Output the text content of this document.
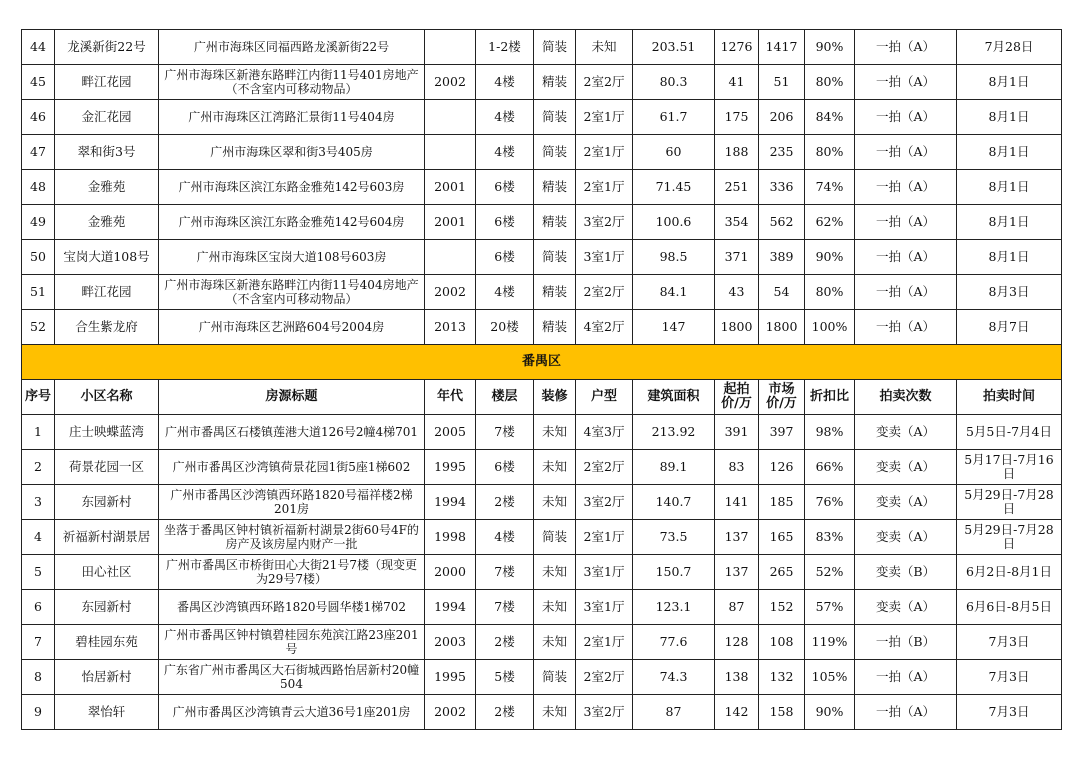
44	龙溪新街22号	广州市海珠区同福西路龙溪新街22号		1-2楼	简装	未知	203.51	1276	1417	90%	一拍（A）	7月28日
45	畔江花园	广州市海珠区新港东路畔江内街11号401房地产（不含室内可移动物品）	2002	4楼	精装	2室2厅	80.3	41	51	80%	一拍（A）	8月1日
46	金汇花园	广州市海珠区江湾路汇景街11号404房		4楼	简装	2室1厅	61.7	175	206	84%	一拍（A）	8月1日
47	翠和街3号	广州市海珠区翠和街3号405房		4楼	简装	2室1厅	60	188	235	80%	一拍（A）	8月1日
48	金雅苑	广州市海珠区滨江东路金雅苑142号603房	2001	6楼	精装	2室1厅	71.45	251	336	74%	一拍（A）	8月1日
49	金雅苑	广州市海珠区滨江东路金雅苑142号604房	2001	6楼	精装	3室2厅	100.6	354	562	62%	一拍（A）	8月1日
50	宝岗大道108号	广州市海珠区宝岗大道108号603房		6楼	简装	3室1厅	98.5	371	389	90%	一拍（A）	8月1日
51	畔江花园	广州市海珠区新港东路畔江内街11号404房地产（不含室内可移动物品）	2002	4楼	精装	2室2厅	84.1	43	54	80%	一拍（A）	8月3日
52	合生紫龙府	广州市海珠区艺洲路604号2004房	2013	20楼	精装	4室2厅	147	1800	1800	100%	一拍（A）	8月7日
番禺区												
序号	小区名称	房源标题	年代	楼层	装修	户型	建筑面积	起拍价/万	市场价/万	折扣比	拍卖次数	拍卖时间
1	庄士映蝶蓝湾	广州市番禺区石楼镇莲港大道126号2幢4梯701	2005	7楼	未知	4室3厅	213.92	391	397	98%	变卖（A）	5月5日-7月4日
2	荷景花园一区	广州市番禺区沙湾镇荷景花园1街5座1梯602	1995	6楼	未知	2室2厅	89.1	83	126	66%	变卖（A）	5月17日-7月16日
3	东园新村	广州市番禺区沙湾镇西环路1820号福祥楼2梯201房	1994	2楼	未知	3室2厅	140.7	141	185	76%	变卖（A）	5月29日-7月28日
4	祈福新村湖景居	坐落于番禺区钟村镇祈福新村湖景2街60号4F的房产及该房屋内财产一批	1998	4楼	简装	2室1厅	73.5	137	165	83%	变卖（A）	5月29日-7月28日
5	田心社区	广州市番禺区市桥街田心大街21号7楼（现变更为29号7楼）	2000	7楼	未知	3室1厅	150.7	137	265	52%	变卖（B）	6月2日-8月1日
6	东园新村	番禺区沙湾镇西环路1820号圆华楼1梯702	1994	7楼	未知	3室1厅	123.1	87	152	57%	变卖（A）	6月6日-8月5日
7	碧桂园东苑	广州市番禺区钟村镇碧桂园东苑滨江路23座201 号	2003	2楼	未知	2室1厅	77.6	128	108	119%	一拍（B）	7月3日
8	怡居新村	广东省广州市番禺区大石街城西路怡居新村20幢504	1995	5楼	简装	2室2厅	74.3	138	132	105%	一拍（A）	7月3日
9	翠怡轩	广州市番禺区沙湾镇青云大道36号1座201房	2002	2楼	未知	3室2厅	87	142	158	90%	一拍（A）	7月3日
